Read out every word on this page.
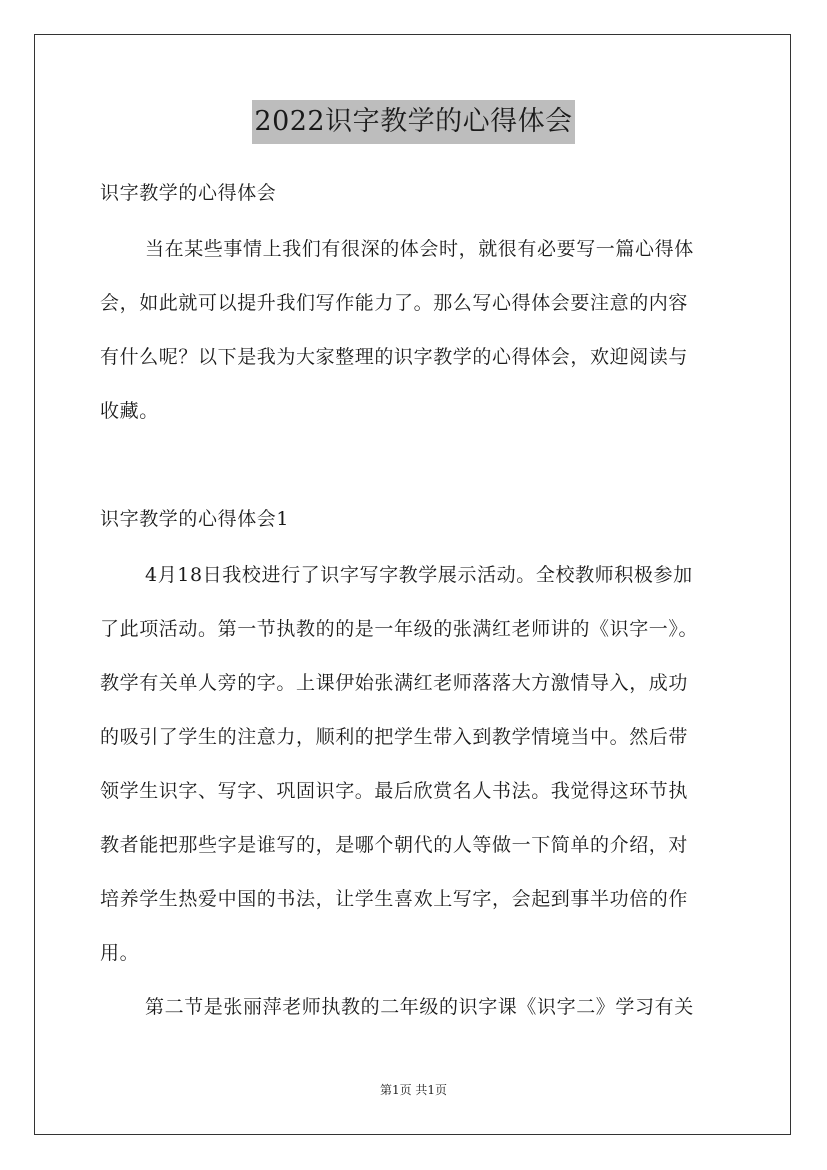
2022识字教学的心得体会
识字教学的心得体会
当在某些事情上我们有很深的体会时，就很有必要写一篇心得体
会，如此就可以提升我们写作能力了。那么写心得体会要注意的内容
有什么呢？以下是我为大家整理的识字教学的心得体会，欢迎阅读与
收藏。
识字教学的心得体会1
4月18日我校进行了识字写字教学展示活动。全校教师积极参加
了此项活动。第一节执教的的是一年级的张满红老师讲的《识字一》。
教学有关单人旁的字。上课伊始张满红老师落落大方激情导入，成功
的吸引了学生的注意力，顺利的把学生带入到教学情境当中。然后带
领学生识字、写字、巩固识字。最后欣赏名人书法。我觉得这环节执
教者能把那些字是谁写的，是哪个朝代的人等做一下简单的介绍，对
培养学生热爱中国的书法，让学生喜欢上写字，会起到事半功倍的作
用。
第二节是张丽萍老师执教的二年级的识字课《识字二》学习有关
第1页 共1页
